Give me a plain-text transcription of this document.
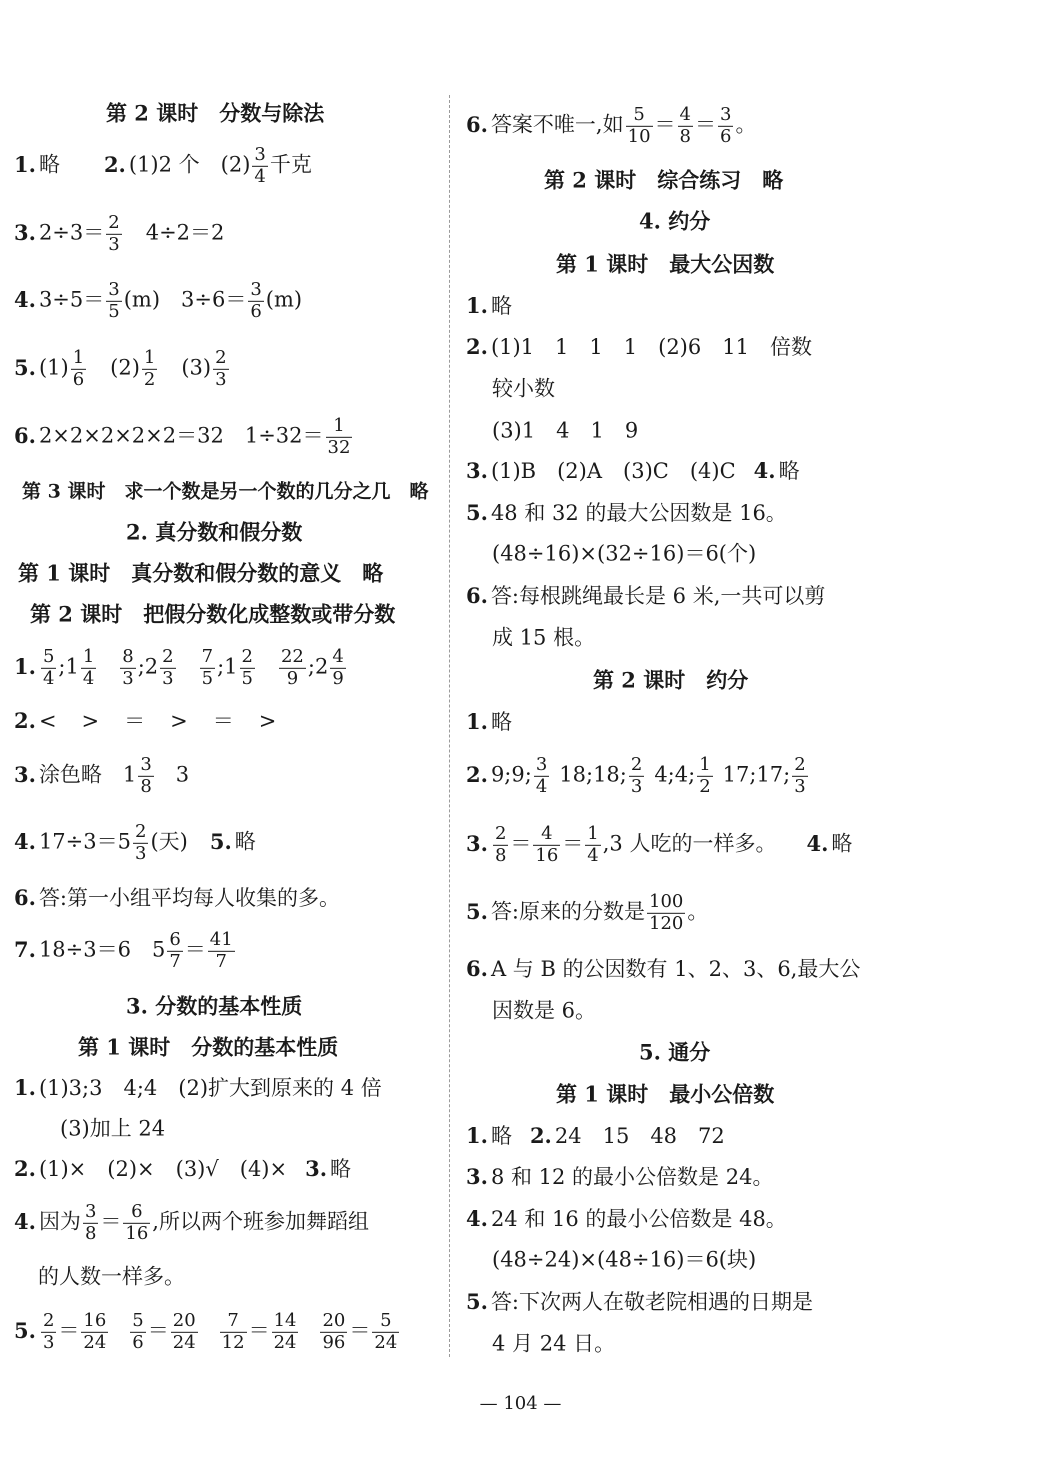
第 2 课时　分数与除法
1. 略 2. (1)2 个　$(2) \frac{3}{4}$ 千克
3. $2\div 3= \frac{2}{3} 4\div 2=2$
4. $3\div 5= \frac{3}{5} (m)$　$3\div 6= \frac{3}{6} (m)$
5. $(1) \frac{1}{6} (2) \frac{1}{2} (3) \frac{2}{3}$
6. 2×2×2×2×2＝32　$1\div 32= \frac{1}{32}$
第 3 课时　求一个数是另一个数的几分之几　略
2. 真分数和假分数
第 1 课时　真分数和假分数的意义　略
第 2 课时　把假分数化成整数或带分数
1. $\frac{5}{4}$ ;1 $\frac{1}{4} \frac{8}{3}$ ;2 $\frac{2}{3} \frac{7}{5}$ ;1 $\frac{2}{5} \frac{22}{9}$ ;2 $\frac{4}{9}$
2. <　>　＝　>　＝　>
3. 涂色略　$1 \frac{3}{8} 3$
4. $17\div 3=5 \frac{2}{3}$ (天) 5. 略
6. 答:第一小组平均每人收集的多。
7. 18÷3＝6　$5 \frac{6}{7} = \frac{41}{7}$
3. 分数的基本性质
第 1 课时　分数的基本性质
1. (1)3;3　4;4　(2)扩大到原来的 4 倍
(3)加上 24
2. (1)×　(2)×　(3)√　(4)× 3. 略
4. 因为 $\frac{3}{8} = \frac{6}{16}$ ,所以两个班参加舞蹈组
的人数一样多。
5. $\frac{2}{3} = \frac{16}{24} \frac{5}{6} = \frac{20}{24} \frac{7}{12} = \frac{14}{24} \frac{20}{96} = \frac{5}{24}$
6. 答案不唯一,如 $\frac{5}{10} = \frac{4}{8} = \frac{3}{6}$ 。
第 2 课时　综合练习　略
4. 约分
第 1 课时　最大公因数
1. 略
2. (1)1　1　1　1　(2)6　11　倍数
较小数
(3)1　4　1　9
3. (1)B　(2)A　(3)C　(4)C 4. 略
5. 48 和 32 的最大公因数是 16。
(48÷16)×(32÷16)＝6(个)
6. 答:每根跳绳最长是 6 米,一共可以剪
成 15 根。
第 2 课时　约分
1. 略
2. 9;9; $\frac{3}{4}$ 18;18; $\frac{2}{3}$ 4;4; $\frac{1}{2}$ 17;17; $\frac{2}{3}$
3. $\frac{2}{8} = \frac{4}{16} = \frac{1}{4} ,3$ 人吃的一样多。 4. 略
5. 答:原来的分数是 $\frac{100}{120}$ 。
6. A 与 B 的公因数有 1、2、3、6,最大公
因数是 6。
5. 通分
第 1 课时　最小公倍数
1. 略 2. 24　15　48　72
3. 8 和 12 的最小公倍数是 24。
4. 24 和 16 的最小公倍数是 48。
(48÷24)×(48÷16)＝6(块)
5. 答:下次两人在敬老院相遇的日期是
4 月 24 日。
— 104 —
